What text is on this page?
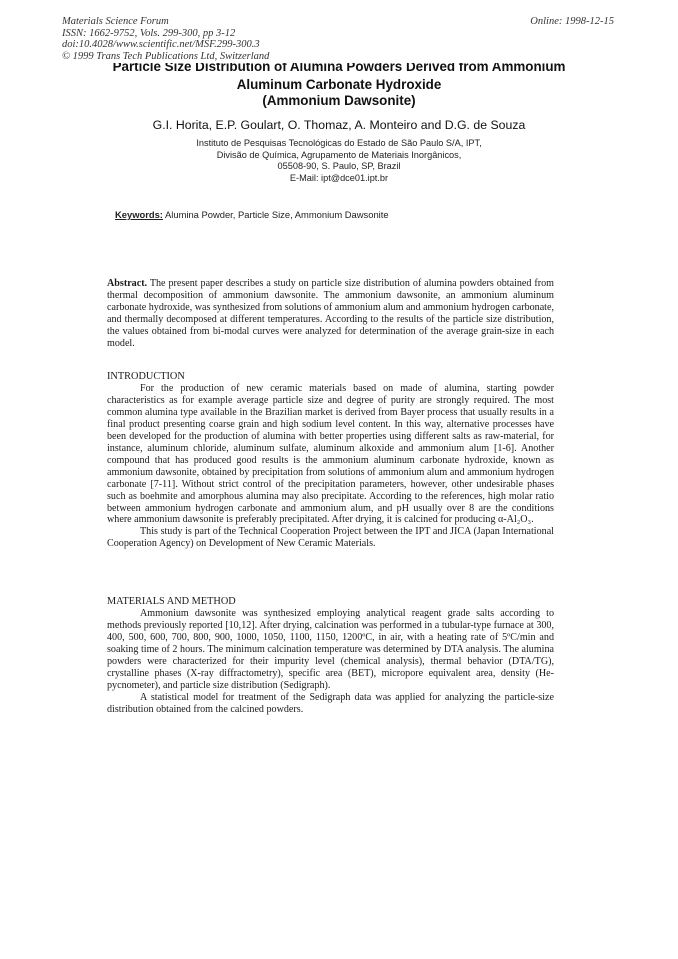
Materials Science Forum
ISSN: 1662-9752, Vols. 299-300, pp 3-12
doi:10.4028/www.scientific.net/MSF.299-300.3
© 1999 Trans Tech Publications Ltd, Switzerland
Online: 1998-12-15
Particle Size Distribution of Alumina Powders Derived from Ammonium
Aluminum Carbonate Hydroxide
(Ammonium Dawsonite)
G.I. Horita, E.P. Goulart, O. Thomaz, A. Monteiro and D.G. de Souza
Instituto de Pesquisas Tecnológicas do Estado de São Paulo S/A, IPT,
Divisão de Química, Agrupamento de Materiais Inorgânicos,
05508-90, S. Paulo, SP, Brazil
E-Mail: ipt@dce01.ipt.br
Keywords: Alumina Powder, Particle Size, Ammonium Dawsonite

Abstract. The present paper describes a study on particle size distribution of alumina powders obtained from thermal decomposition of ammonium dawsonite. The ammonium dawsonite, an ammonium aluminum carbonate hydroxide, was synthesized from solutions of ammonium alum and ammonium hydrogen carbonate, and thermally decomposed at different temperatures. According to the results of the particle size distribution, the values obtained from bi-modal curves were analyzed for determination of the average grain-size in each model.

INTRODUCTION

For the production of new ceramic materials based on made of alumina, starting powder characteristics as for example average particle size and degree of purity are strongly required. The most common alumina type available in the Brazilian market is derived from Bayer process that usually results in a final product presenting coarse grain and high sodium level content. In this way, alternative processes have been developed for the production of alumina with better properties using different salts as raw-material, for instance, aluminum chloride, aluminum sulfate, aluminum alkoxide and ammonium alum [1-6]. Another compound that has produced good results is the ammonium aluminum carbonate hydroxide, known as ammonium dawsonite, obtained by precipitation from solutions of ammonium alum and ammonium hydrogen carbonate [7-11]. Without strict control of the precipitation parameters, however, other undesirable phases such as boehmite and amorphous alumina may also precipitate. According to the references, high molar ratio between ammonium hydrogen carbonate and ammonium alum, and pH usually over 8 are the conditions where ammonium dawsonite is preferably precipitated. After drying, it is calcined for producing α-Al₂O₃.

This study is part of the Technical Cooperation Project between the IPT and JICA (Japan International Cooperation Agency) on Development of New Ceramic Materials.

MATERIALS AND METHOD

Ammonium dawsonite was synthesized employing analytical reagent grade salts according to methods previously reported [10,12]. After drying, calcination was performed in a tubular-type furnace at 300, 400, 500, 600, 700, 800, 900, 1000, 1050, 1100, 1150, 1200ºC, in air, with a heating rate of 5ºC/min and soaking time of 2 hours. The minimum calcination temperature was determined by DTA analysis. The alumina powders were characterized for their impurity level (chemical analysis), thermal behavior (DTA/TG), crystalline phases (X-ray diffractometry), specific area (BET), micropore equivalent area, density (He-pycnometer), and particle size distribution (Sedigraph).

A statistical model for treatment of the Sedigraph data was applied for analyzing the particle-size distribution obtained from the calcined powders.
